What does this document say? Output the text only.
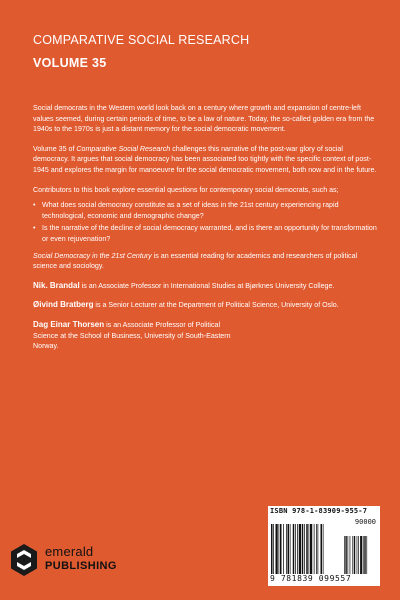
COMPARATIVE SOCIAL RESEARCH
VOLUME 35

Social democrats in the Western world look back on a century where growth and expansion of centre-left values seemed, during certain periods of time, to be a law of nature. Today, the so-called golden era from the 1940s to the 1970s is just a distant memory for the social democratic movement.

Volume 35 of Comparative Social Research challenges this narrative of the post-war glory of social democracy. It argues that social democracy has been associated too tightly with the specific context of post-1945 and explores the margin for manoeuvre for the social democratic movement, both now and in the future.

Contributors to this book explore essential questions for contemporary social democrats, such as;

• What does social democracy constitute as a set of ideas in the 21st century experiencing rapid technological, economic and demographic change?
• Is the narrative of the decline of social democracy warranted, and is there an opportunity for transformation or even rejuvenation?

Social Democracy in the 21st Century is an essential reading for academics and researchers of political science and sociology.

Nik. Brandal is an Associate Professor in International Studies at Bjørknes University College.

Øivind Bratberg is a Senior Lecturer at the Department of Political Science, University of Oslo.

Dag Einar Thorsen is an Associate Professor of Political Science at the School of Business, University of South-Eastern Norway.

emerald
PUBLISHING
ISBN 978-1-83909-955-7
90000
9 781839 099557
